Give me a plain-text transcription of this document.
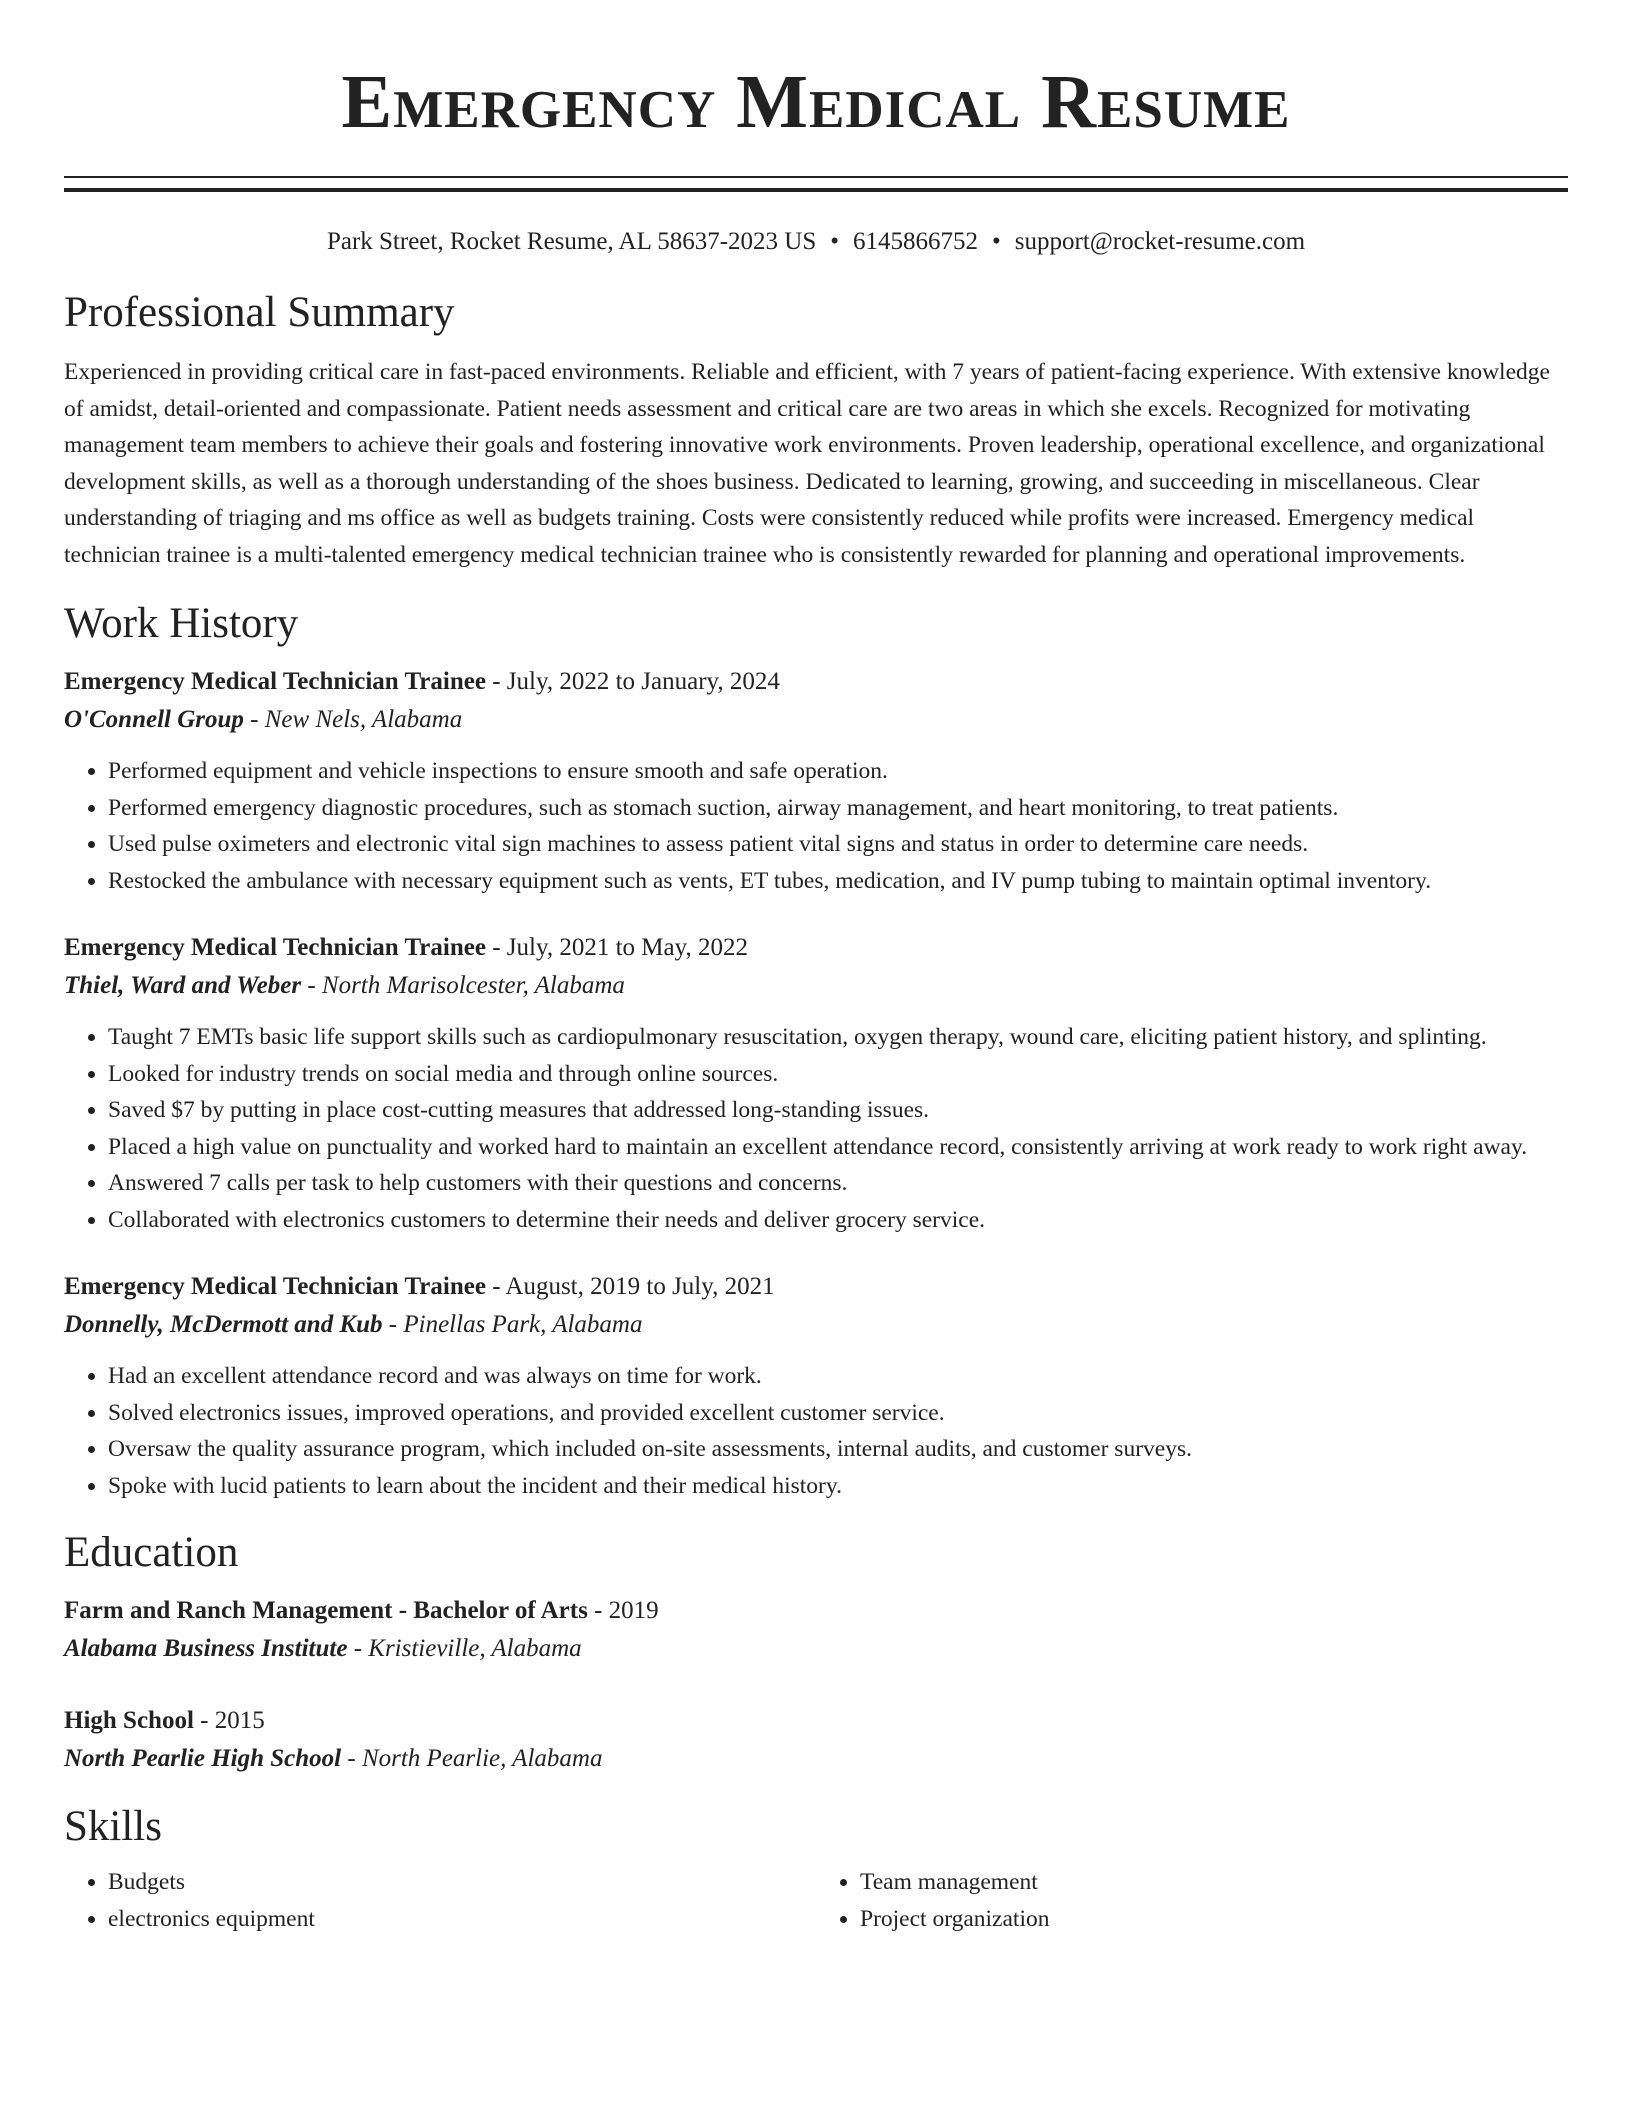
Emergency Medical Resume
Park Street, Rocket Resume, AL 58637-2023 US • 6145866752 • support@rocket-resume.com
Professional Summary

Experienced in providing critical care in fast-paced environments. Reliable and efficient, with 7 years of patient-facing experience. With extensive knowledge of amidst, detail-oriented and compassionate. Patient needs assessment and critical care are two areas in which she excels. Recognized for motivating management team members to achieve their goals and fostering innovative work environments. Proven leadership, operational excellence, and organizational development skills, as well as a thorough understanding of the shoes business. Dedicated to learning, growing, and succeeding in miscellaneous. Clear understanding of triaging and ms office as well as budgets training. Costs were consistently reduced while profits were increased. Emergency medical technician trainee is a multi-talented emergency medical technician trainee who is consistently rewarded for planning and operational improvements.

Work History
Emergency Medical Technician Trainee - July, 2022 to January, 2024
O'Connell Group - New Nels, Alabama
• Performed equipment and vehicle inspections to ensure smooth and safe operation.
• Performed emergency diagnostic procedures, such as stomach suction, airway management, and heart monitoring, to treat patients.
• Used pulse oximeters and electronic vital sign machines to assess patient vital signs and status in order to determine care needs.
• Restocked the ambulance with necessary equipment such as vents, ET tubes, medication, and IV pump tubing to maintain optimal inventory.
Emergency Medical Technician Trainee - July, 2021 to May, 2022
Thiel, Ward and Weber - North Marisolcester, Alabama
• Taught 7 EMTs basic life support skills such as cardiopulmonary resuscitation, oxygen therapy, wound care, eliciting patient history, and splinting.
• Looked for industry trends on social media and through online sources.
• Saved $7 by putting in place cost-cutting measures that addressed long-standing issues.
• Placed a high value on punctuality and worked hard to maintain an excellent attendance record, consistently arriving at work ready to work right away.
• Answered 7 calls per task to help customers with their questions and concerns.
• Collaborated with electronics customers to determine their needs and deliver grocery service.
Emergency Medical Technician Trainee - August, 2019 to July, 2021
Donnelly, McDermott and Kub - Pinellas Park, Alabama
• Had an excellent attendance record and was always on time for work.
• Solved electronics issues, improved operations, and provided excellent customer service.
• Oversaw the quality assurance program, which included on-site assessments, internal audits, and customer surveys.
• Spoke with lucid patients to learn about the incident and their medical history.
Education
Farm and Ranch Management - Bachelor of Arts - 2019
Alabama Business Institute - Kristieville, Alabama
High School - 2015
North Pearlie High School - North Pearlie, Alabama
Skills
• Budgets
• electronics equipment
• Team management
• Project organization
